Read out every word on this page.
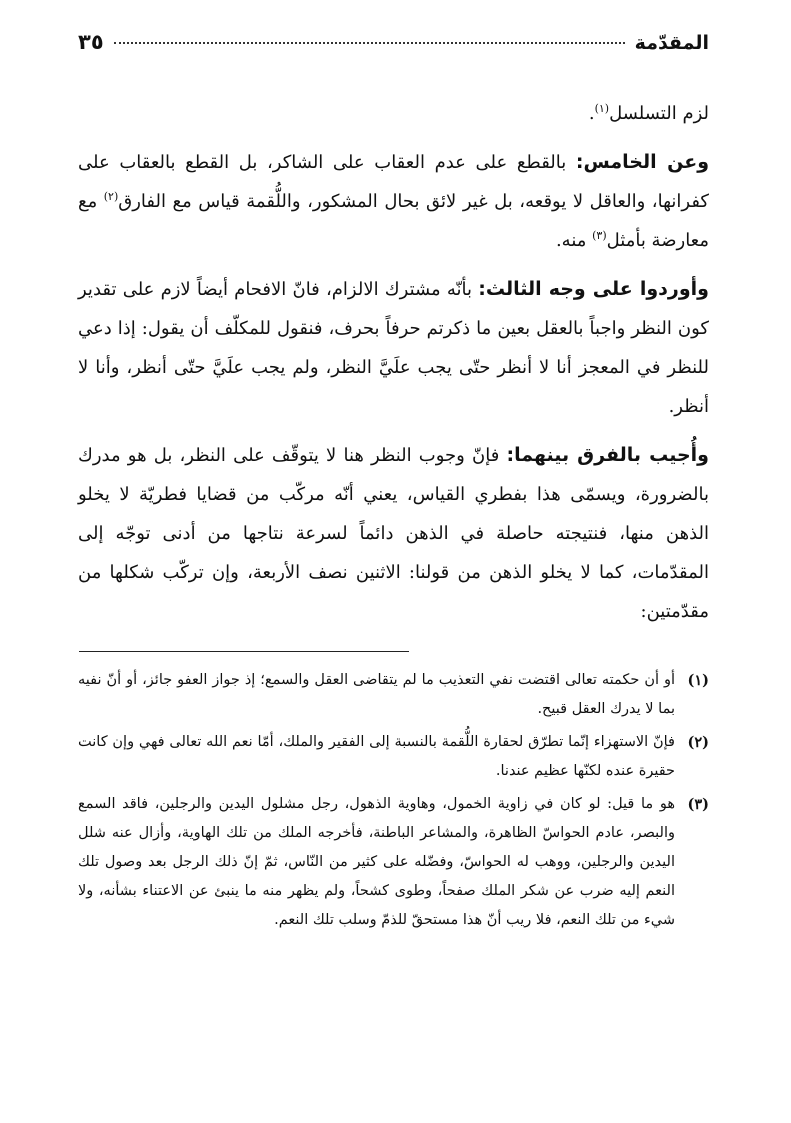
المقدّمة
٣٥

لزم التسلسل$^{(١)}$.

وعن الخامس: بالقطع على عدم العقاب على الشاكر، بل القطع بالعقاب على كفرانها، والعاقل لا يوقعه، بل غير لائق بحال المشكور، واللُّقمة قياس مع الفارق$^{(٢)}$ مع معارضة بأمثل$^{(٣)}$ منه.

وأوردوا على وجه الثالث: بأنّه مشترك الالزام، فانّ الافحام أيضاً لازم على تقدير كون النظر واجباً بالعقل بعين ما ذكرتم حرفاً بحرف، فنقول للمكلّف أن يقول: إذا دعي للنظر في المعجز أنا لا أنظر حتّى يجب علَيَّ النظر، ولم يجب علَيَّ حتّى أنظر، وأنا لا أنظر.

وأُجيب بالفرق بينهما: فإنّ وجوب النظر هنا لا يتوقّف على النظر، بل هو مدرك بالضرورة، ويسمّى هذا بفطري القياس، يعني أنّه مركّب من قضايا فطريّة لا يخلو الذهن منها، فنتيجته حاصلة في الذهن دائماً لسرعة نتاجها من أدنى توجّه إلى المقدّمات، كما لا يخلو الذهن من قولنا: الاثنين نصف الأربعة، وإن تركّب شكلها من مقدّمتين:

(١)
أو أن حكمته تعالى اقتضت نفي التعذيب ما لم يتقاضى العقل والسمع؛ إذ جواز العفو جائز، أو أنّ نفيه بما لا يدرك العقل قبيح.
(٢)
فإنّ الاستهزاء إنّما تطرّق لحقارة اللُّقمة بالنسبة إلى الفقير والملك، أمّا نعم الله تعالى فهي وإن كانت حقيرة عنده لكنّها عظيم عندنا.
(٣)
هو ما قيل: لو كان في زاوية الخمول، وهاوية الذهول، رجل مشلول اليدين والرجلين، فاقد السمع والبصر، عادم الحواسّ الظاهرة، والمشاعر الباطنة، فأخرجه الملك من تلك الهاوية، وأزال عنه شلل اليدين والرجلين، ووهب له الحواسّ، وفضّله على كثير من النّاس، ثمّ إنّ ذلك الرجل بعد وصول تلك النعم إليه ضرب عن شكر الملك صفحاً، وطوى كشحاً، ولم يظهر منه ما ينبئ عن الاعتناء بشأنه، ولا شيء من تلك النعم، فلا ريب أنّ هذا مستحقّ للذمّ وسلب تلك النعم.
